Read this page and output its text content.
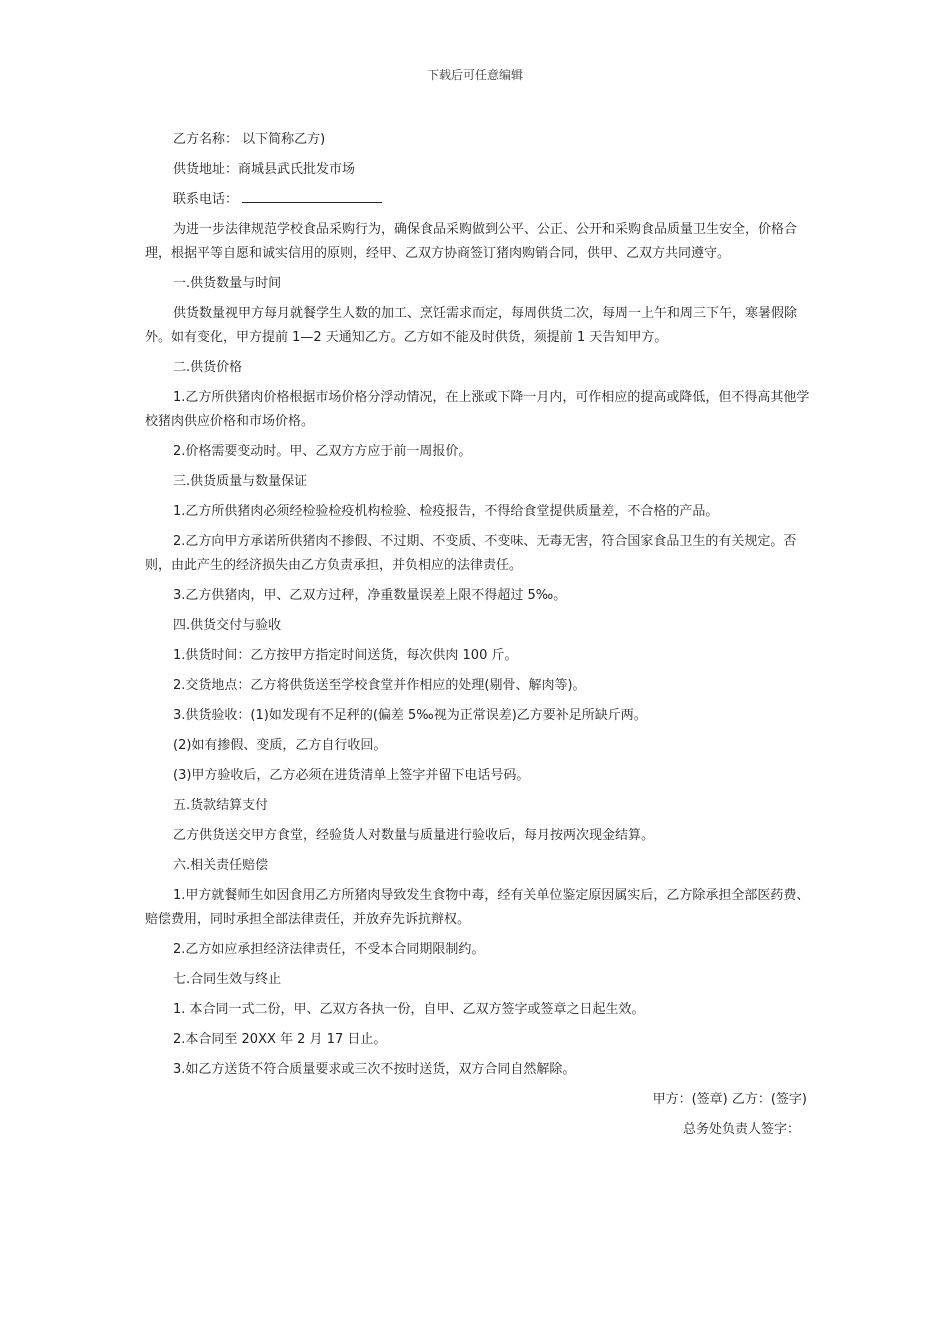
下载后可任意编辑

乙方名称： 以下简称乙方)

供货地址：商城县武氏批发市场

联系电话：

为进一步法律规范学校食品采购行为，确保食品采购做到公平、公正、公开和采购食品质量卫生安全，价格合理，根据平等自愿和诚实信用的原则，经甲、乙双方协商签订猪肉购销合同，供甲、乙双方共同遵守。

一.供货数量与时间

供货数量视甲方每月就餐学生人数的加工、烹饪需求而定，每周供货二次，每周一上午和周三下午，寒暑假除外。如有变化，甲方提前 1—2 天通知乙方。乙方如不能及时供货，须提前 1 天告知甲方。

二.供货价格

1.乙方所供猪肉价格根据市场价格分浮动情况，在上涨或下降一月内，可作相应的提高或降低，但不得高其他学校猪肉供应价格和市场价格。

2.价格需要变动时。甲、乙双方方应于前一周报价。

三.供货质量与数量保证

1.乙方所供猪肉必须经检验检疫机构检验、检疫报告，不得给食堂提供质量差，不合格的产品。

2.乙方向甲方承诺所供猪肉不掺假、不过期、不变质、不变味、无毒无害，符合国家食品卫生的有关规定。否则，由此产生的经济损失由乙方负责承担，并负相应的法律责任。

3.乙方供猪肉，甲、乙双方过秤，净重数量误差上限不得超过 5‰。

四.供货交付与验收

1.供货时间：乙方按甲方指定时间送货，每次供肉 100 斤。

2.交货地点：乙方将供货送至学校食堂并作相应的处理(剔骨、解肉等)。

3.供货验收：(1)如发现有不足秤的(偏差 5‰视为正常误差)乙方要补足所缺斤两。

(2)如有掺假、变质，乙方自行收回。

(3)甲方验收后，乙方必须在进货清单上签字并留下电话号码。

五.货款结算支付

乙方供货送交甲方食堂，经验货人对数量与质量进行验收后，每月按两次现金结算。

六.相关责任赔偿

1.甲方就餐师生如因食用乙方所猪肉导致发生食物中毒，经有关单位鉴定原因属实后，乙方除承担全部医药费、赔偿费用，同时承担全部法律责任，并放弃先诉抗辩权。

2.乙方如应承担经济法律责任，不受本合同期限制约。

七.合同生效与终止

1. 本合同一式二份，甲、乙双方各执一份，自甲、乙双方签字或签章之日起生效。

2.本合同至 20XX 年 2 月 17 日止。

3.如乙方送货不符合质量要求或三次不按时送货，双方合同自然解除。

甲方：(签章) 乙方：(签字)

总务处负责人签字：
